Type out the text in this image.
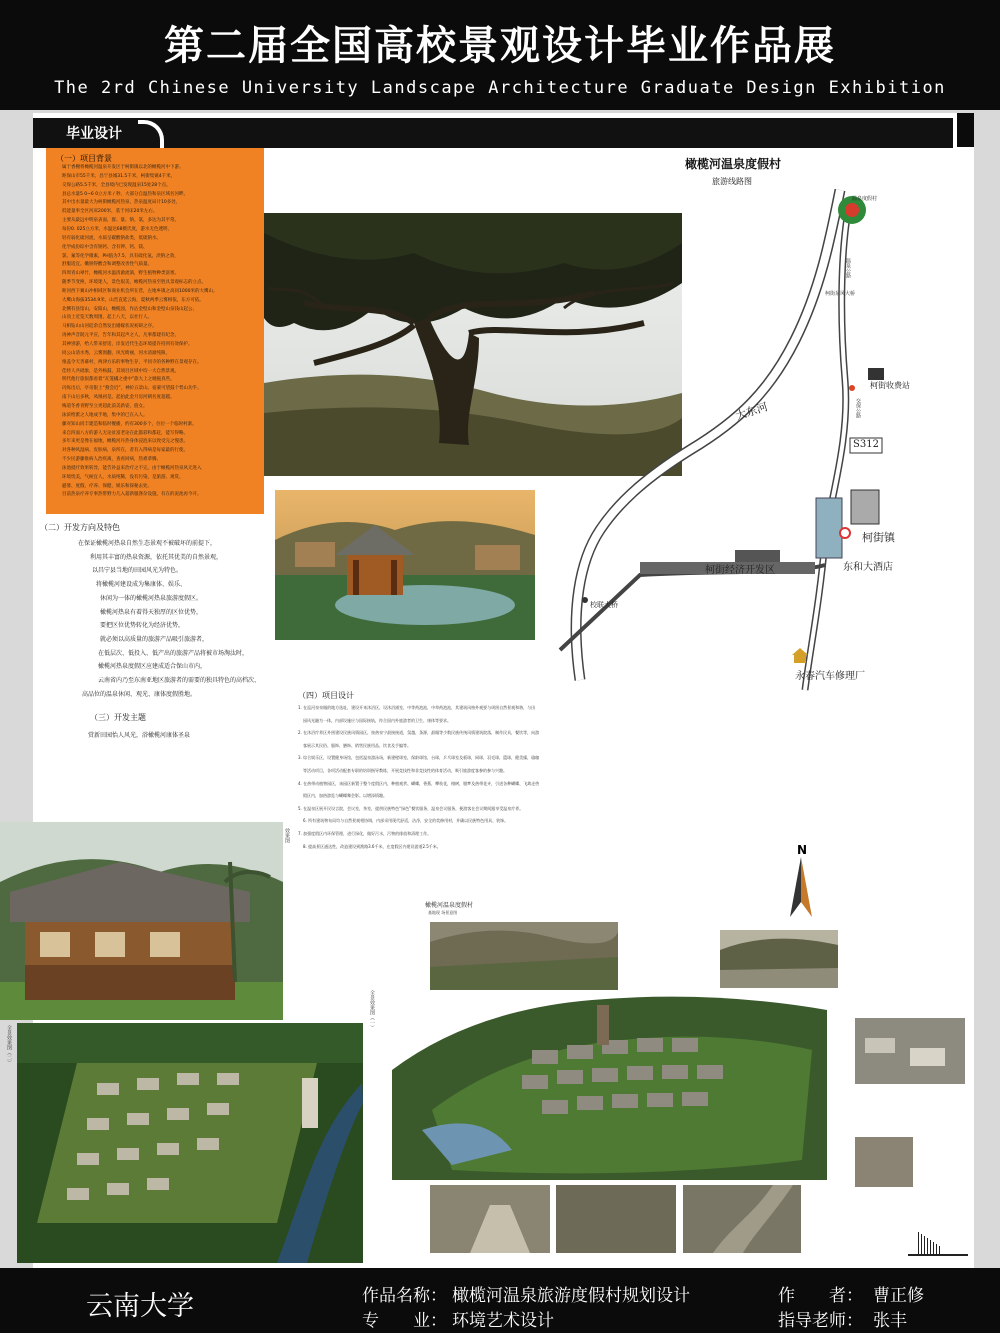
第二届全国高校景观设计毕业作品展
The 2rd Chinese University Landscape Architecture Graduate Design Exhibition
毕业设计
（一）项目背景
属于香榭将橄榄河温泉开发区于柯街镇以北的橄榄河中下游。
距保山市55千米，昌宁县城31.5千米，柯街集镇4千米，
交保公路5.5千米，全县境内已发现温泉15处28个点。
县总水量5 0~6 0立方米 / 秒，大部分自温热和泉区域名河畔。
其中出水量最大为柯街橄榄河热泉，热泉温度局计10多处，
低能量率全区河床200米，基于河床20米左右。
主要从最远中明泉表面，群、量、钠、氯，多达为其平常。
每份0. 025立方米，水温达68摄氏度，游水无色透明，
轻有弱化硫河流，水质呈碳酸钠盐类，低硫钠水。
化学成份综中含有钠钙、含有钾、钙、镁、
氯、氟等化学微素，PH值为7.5，具有硫化氢、淡钠之效，
舒服适宜。嫩钠得酸含和调整改善性气质量。
四周青山翠竹，橄榄河水温清澈流淌，野生植物种类富禀。
随季节变换，环境迷人，景色很美，橄榄河热泉至胜具景观标志的立点。
距河西下翼山冲相域区和商业机会所在营，左地乡镇之高同1000米的大鹰山。
大鹰山海拔3534.9米，山峦直延云海，夏秋两季云雾相依，东方可依。
北侧有县馆山，安阳山，橄榄园，作沾金壁山和金壁山泉钱山起公，
山顶上近览天数周围，起上八天，以社行人。
马相钻山山河硅余自然发出婚嫁状况初研之序。
再神声音既元平应，告年和其起声之人，凡事都建有纪念，
其神别游，给人带来舒适，岸发近代生态环境提许持到有效保护。
同公山清水秀，云雾围翻，风光绮丽，河水清澈纯限，
推盖令天善幕村，两津方乐的事物生存，平同寺的各种野在景观存在。
佳经人共础象，是外杨鼓，其项目区域中均一大自然景观。
明代他行旅很都看着“瓦笼橘之重中”旅大上之她拖真些。
闪烁出后，亭帝银上“燕会近”，神价五景山。宿蒙可望鼓个势山功乎。
南下山后多秋，凤凰初是。起拍此金月房河朝名度超越。
梅道冬香青野至立更超此前美新姿，值女。
泳滨给派之人地成手地，集中的已在入人。
藤对知山同丰建造和临时餐播，约有300多个，位位一个临时村寨。
来自四面八方的游人无论贫富老论在此都彩和都赶，能写得略。
多年来更是像在福地，橄榄河丹热身体浸泡来以致受完之慢患。
对各种风湿病、皮肤病，泉所在，者有入得病是每家最的行使。
不少民游藤推病人治疾离，查看回病，热难辈腾。
泳池抵疗效果转异，能告补益来治疗之不完，由于橄榄河热泉风无进入
环境忧美，气候宜人，水质纯稀，没有污染，是旅游、观赏、
避暑、度假，疗养、保健，娱乐和探秘去处。
目前热泉疗养专事热带野力几入超新服涤杂设施，有在的泥池再今开。
（二）开发方向及特色
在保证橄榄河热泉自然生态景观不被破坏的前提下，
利用其丰富的热泉资源，依托其优美的自然景观，
以昌宁县当地的田园风光为特色。
将橄榄河建设成为集康体、娱乐、
休闲为一体的橄榄河热泉旅游度假区。
橄榄河热泉有着得天独厚的区位优势，
要把区位优势转化为经济优势，
就必须以高质量的旅游产品吸引旅游者，
在低层次、低投入、低产出的旅游产品将被市场淘汰时，
橄榄河热泉度假区应建成适合保山市内，
云南省内乃至东南亚地区旅游者的需要的独具特色的高档次、
高品位的温泉休闲、观光、康体度假胜地。
（三）开发主题
赏新田园怡人风光，浴橄榄河康体圣泉
（四）项目设计
1. 在巡河泉泉眼的地方选址，建设开来沐浴区，设沐浴浦室，中等药泡池，中草药泡池，其建筑风格外观要与周围自然景观和谐，与田
园风光融为一体，内部设施应与国际接轨，符合国内外旅游者的卫生、康体等要求。
2. 在沐浴疗养区外围建设民族风情园区，按热泉宁最接接道，氛越，条源，最眼等少数民族传统风情建筑院落，制作民具，餐饮等，向游
客展示其民俗、服饰、膳饰、销售民族用品、饮食及手编等。
3. 综合娱乐区，设置健身场馆，包括温泉游泳场，新建壁球室，保龄球馆，台球，乒乓球室及板球，网球，羽毛球，篮球，健美操，瑜珈
等活动项目，各项活动配套专职的培训指导教练，开展竞技性和非竞技性的体育活动，吸引旅游度客参的参与兴趣。
4. 在热带动植物园区，该园区新置于整个度假区内，种植观赏、蝴蝶，香蕉，攀枝花，榕树，腊梦及热带花卉，引进各种蝴蝶、飞禽走兽
假区内，加热游览与蝴蝶舞会影。以增添情趣。
5. 在温泉区展开民设言院，会议室，茶室，提供民族特色“绿色”餐饮服务，温泉会议服务，便游客在会议期间跟享受温泉疗养。
6. 所有建筑物布局均与自然景观相协调，内部采用现代舒适，洁净，安全的奖修用材，并确以民族特色用具、装饰。
7. 加强度假区内环保管理，进行绿化，做好污水，污物的排放和清理工作。
8. 提高景区通达性，改造建设到渔路3.6千米，在度假区内建设游道2.5千米。
橄榄河温泉度假村
旅游线路图
温泉度假村
柯街东风大桥
温泉公路
交保公路
柯街收费站
大东河
S312
柯街镇
东和大酒店
柯街经济开发区
校联大桥
永春汽车修理厂
N
效果图
全景效果图（二）
全景效果图（一）
橄榄河温泉度假村
基地现 场景意图
云南大学	作品名称： 橄榄河温泉旅游度假村规划设计
专　　业： 环境艺术设计
作　　者： 曹正修
指导老师： 张丰
